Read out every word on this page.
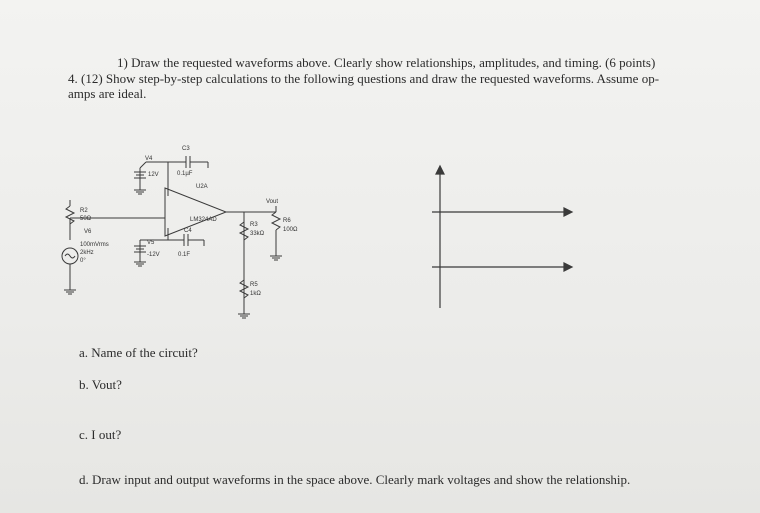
1) Draw the requested waveforms above. Clearly show relationships, amplitudes, and timing. (6 points)
4. (12) Show step-by-step calculations to the following questions and draw the requested waveforms. Assume op-
amps are ideal.
C3
0.1µF
V4
12V
U2A
LM324AD
C4
0.1F
V5
-12V
R2
50Ω
V6
100mVrms
2kHz
0°
R3
33kΩ
R5
1kΩ
Vout
R6
100Ω
a. Name of the circuit?
b. Vout?
c. I out?
d. Draw input and output waveforms in the space above. Clearly mark voltages and show the relationship.
